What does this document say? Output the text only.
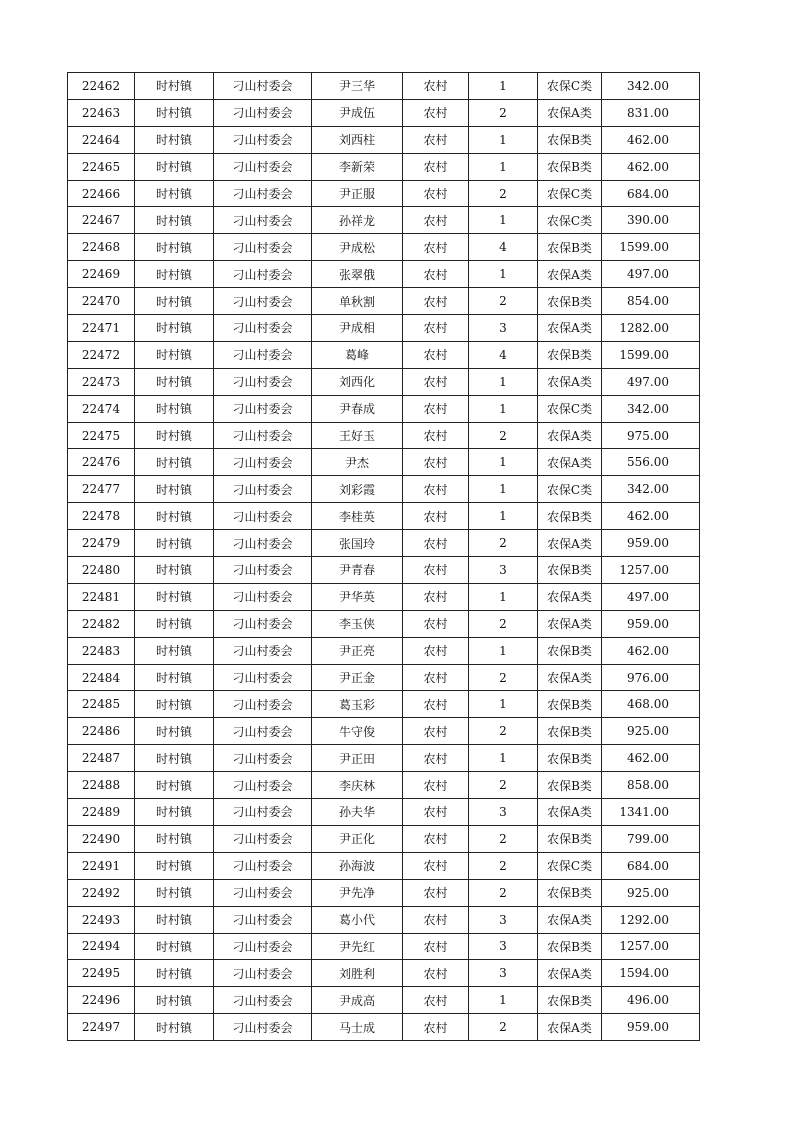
22462	时村镇	刁山村委会	尹三华	农村	1	农保C类	342.00
22463	时村镇	刁山村委会	尹成伍	农村	2	农保A类	831.00
22464	时村镇	刁山村委会	刘西柱	农村	1	农保B类	462.00
22465	时村镇	刁山村委会	李新荣	农村	1	农保B类	462.00
22466	时村镇	刁山村委会	尹正服	农村	2	农保C类	684.00
22467	时村镇	刁山村委会	孙祥龙	农村	1	农保C类	390.00
22468	时村镇	刁山村委会	尹成松	农村	4	农保B类	1599.00
22469	时村镇	刁山村委会	张翠俄	农村	1	农保A类	497.00
22470	时村镇	刁山村委会	单秋割	农村	2	农保B类	854.00
22471	时村镇	刁山村委会	尹成相	农村	3	农保A类	1282.00
22472	时村镇	刁山村委会	葛峰	农村	4	农保B类	1599.00
22473	时村镇	刁山村委会	刘西化	农村	1	农保A类	497.00
22474	时村镇	刁山村委会	尹春成	农村	1	农保C类	342.00
22475	时村镇	刁山村委会	王好玉	农村	2	农保A类	975.00
22476	时村镇	刁山村委会	尹杰	农村	1	农保A类	556.00
22477	时村镇	刁山村委会	刘彩霞	农村	1	农保C类	342.00
22478	时村镇	刁山村委会	李桂英	农村	1	农保B类	462.00
22479	时村镇	刁山村委会	张国玲	农村	2	农保A类	959.00
22480	时村镇	刁山村委会	尹青春	农村	3	农保B类	1257.00
22481	时村镇	刁山村委会	尹华英	农村	1	农保A类	497.00
22482	时村镇	刁山村委会	李玉侠	农村	2	农保A类	959.00
22483	时村镇	刁山村委会	尹正亮	农村	1	农保B类	462.00
22484	时村镇	刁山村委会	尹正金	农村	2	农保A类	976.00
22485	时村镇	刁山村委会	葛玉彩	农村	1	农保B类	468.00
22486	时村镇	刁山村委会	牛守俊	农村	2	农保B类	925.00
22487	时村镇	刁山村委会	尹正田	农村	1	农保B类	462.00
22488	时村镇	刁山村委会	李庆林	农村	2	农保B类	858.00
22489	时村镇	刁山村委会	孙夫华	农村	3	农保A类	1341.00
22490	时村镇	刁山村委会	尹正化	农村	2	农保B类	799.00
22491	时村镇	刁山村委会	孙海波	农村	2	农保C类	684.00
22492	时村镇	刁山村委会	尹先净	农村	2	农保B类	925.00
22493	时村镇	刁山村委会	葛小代	农村	3	农保A类	1292.00
22494	时村镇	刁山村委会	尹先红	农村	3	农保B类	1257.00
22495	时村镇	刁山村委会	刘胜利	农村	3	农保A类	1594.00
22496	时村镇	刁山村委会	尹成高	农村	1	农保B类	496.00
22497	时村镇	刁山村委会	马士成	农村	2	农保A类	959.00
